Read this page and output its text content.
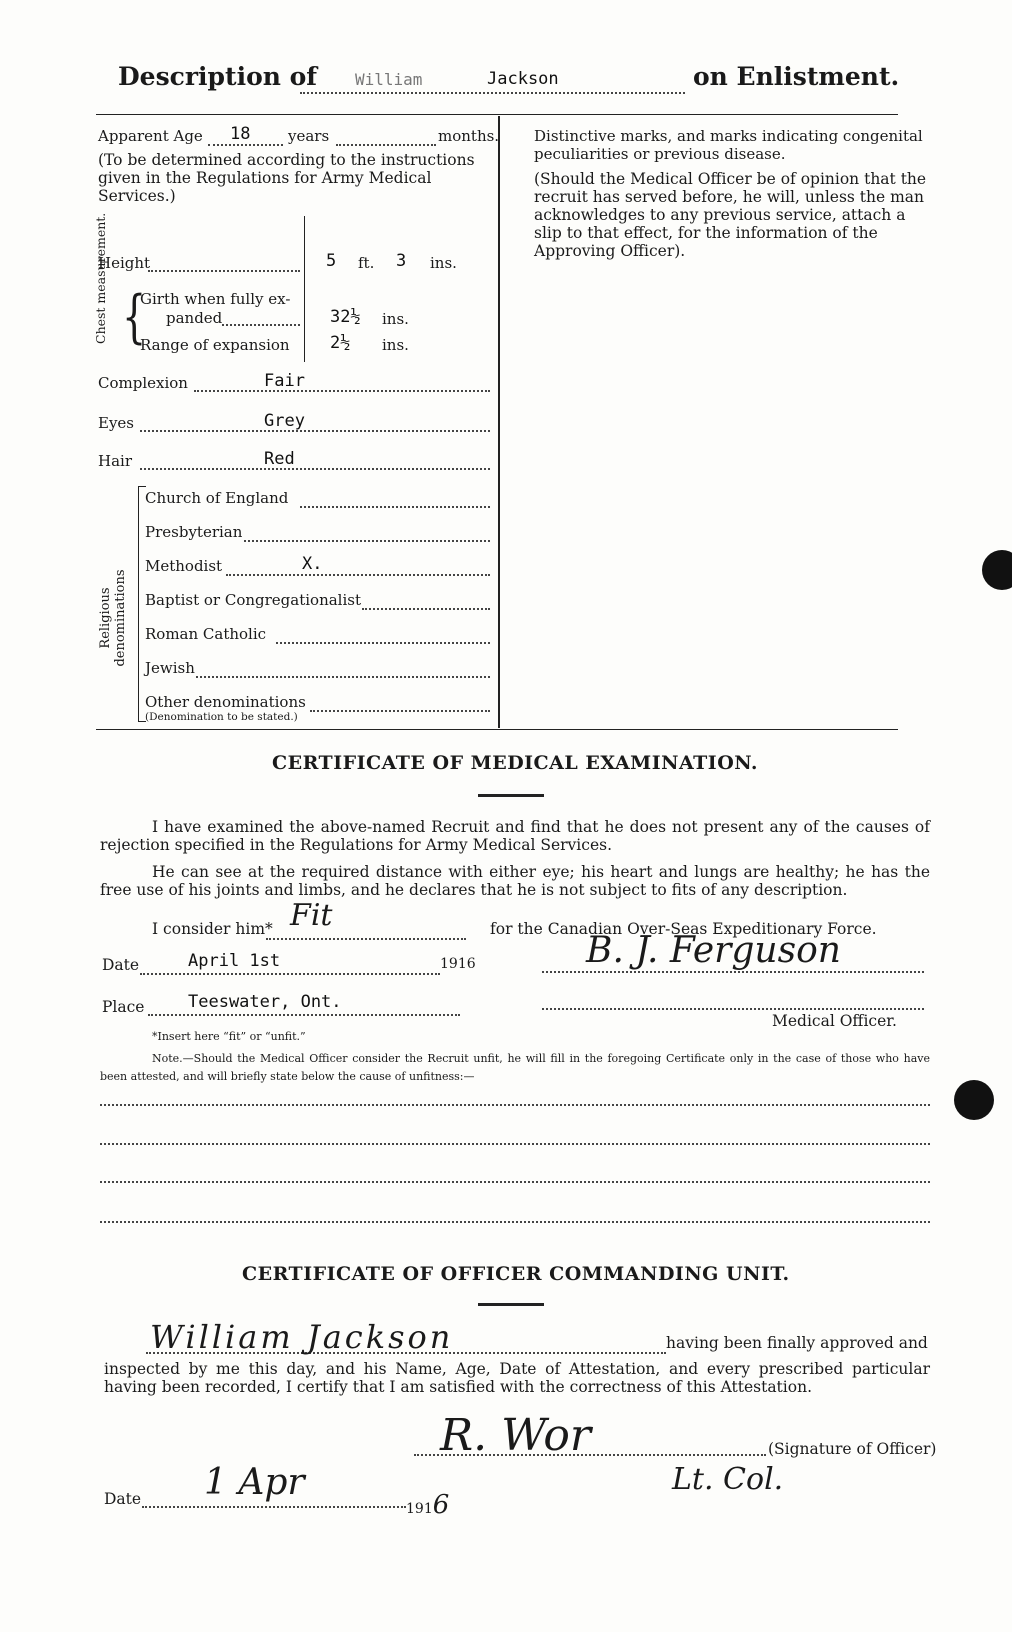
Description of William	Jackson	on Enlistment.
Apparent Age 18	years	months.
(To be determined according to the instructions given in the Regulations for Army Medical Services.)
Height	5 ft. 3 ins.
Chest measurement. {
Girth when fully ex-
panded	32½ ins.
Range of expansion 2½ ins.
Complexion	Fair
Eyes	Grey
Hair	Red
Religious denominations
Church of England
Presbyterian
Methodist	X.
Baptist or Congregationalist
Roman Catholic
Jewish
Other denominations
(Denomination to be stated.)
Distinctive marks, and marks indicating congenital
peculiarities or previous disease.
(Should the Medical Officer be of opinion that the recruit has served before, he will, unless the man acknowledges to any previous service, attach a slip to that effect, for the information of the Approving Officer).
CERTIFICATE OF MEDICAL EXAMINATION.
I have examined the above-named Recruit and find that he does not present any of the causes of rejection specified in the Regulations for Army Medical Services.
He can see at the required distance with either eye; his heart and lungs are healthy; he has the free use of his joints and limbs, and he declares that he is not subject to fits of any description.
I consider him* Fit	for the Canadian Over-Seas Expeditionary Force.
Date	April 1st	1916	B. J. Ferguson
Place	Teeswater, Ont.
Medical Officer.
*Insert here “fit” or “unfit.”
Note.—Should the Medical Officer consider the Recruit unfit, he will fill in the foregoing Certificate only in the case of those who have been attested, and will briefly state below the cause of unfitness:—
CERTIFICATE OF OFFICER COMMANDING UNIT.
William Jackson	having been finally approved and
inspected by me this day, and his Name, Age, Date of Attestation, and every prescribed particular having been recorded, I certify that I am satisfied with the correctness of this Attestation.
R. Wor	(Signature of Officer)
Lt. Col.
Date 1 Apr
1916
